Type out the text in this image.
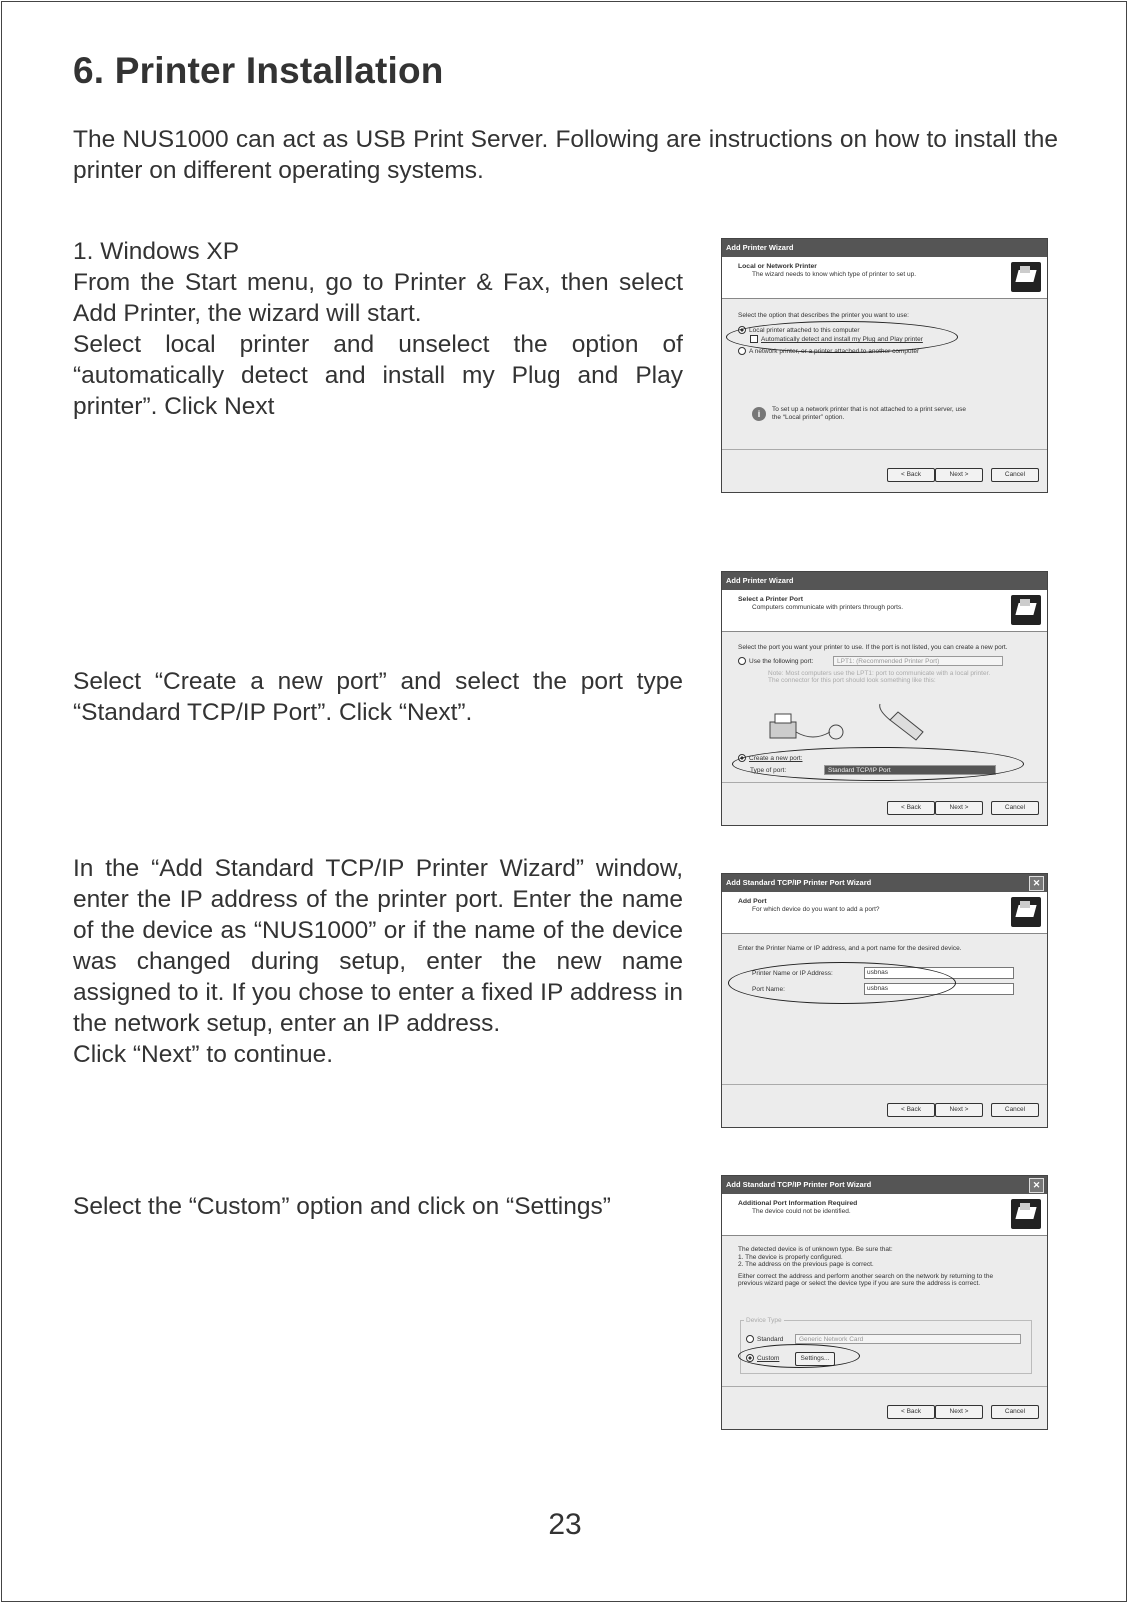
6. Printer Installation

The NUS1000 can act as USB Print Server. Following are instructions on how to install the printer on different operating systems.

1. Windows XP

From the Start menu, go to Printer & Fax, then select Add Printer, the wizard will start.

Select local printer and unselect the option of “automatically detect and install my Plug and Play printer”. Click Next

Select “Create a new port” and select the port type “Standard TCP/IP Port”. Click “Next”.

In the “Add Standard TCP/IP Printer Wizard” window, enter the IP address of the printer port. Enter the name of the device as “NUS1000” or if the name of the device was changed during setup, enter the new name assigned to it. If you chose to enter a fixed IP address in the network setup, enter an IP address.

Click “Next” to continue.

Select the “Custom” option and click on “Settings”

Add Printer Wizard
Local or Network Printer
The wizard needs to know which type of printer to set up.

Select the option that describes the printer you want to use:

Local printer attached to this computer

Automatically detect and install my Plug and Play printer

A network printer, or a printer attached to another computer

i To set up a network printer that is not attached to a print server, use the “Local printer” option.
< Back	Next >	Cancel
Add Printer Wizard
Select a Printer Port
Computers communicate with printers through ports.

Select the port you want your printer to use. If the port is not listed, you can create a new port.

Use the following port:	LPT1: (Recommended Printer Port)

Note: Most computers use the LPT1: port to communicate with a local printer. The connector for this port should look something like this:

Create a new port:

Type of port:	Standard TCP/IP Port

< Back	Next >	Cancel
Add Standard TCP/IP Printer Port Wizard	✕
Add Port
For which device do you want to add a port?

Enter the Printer Name or IP address, and a port name for the desired device.

Printer Name or IP Address:	usbnas

Port Name:	usbnas

< Back	Next >	Cancel
Add Standard TCP/IP Printer Port Wizard	✕
Additional Port Information Required
The device could not be identified.

The detected device is of unknown type. Be sure that:

1. The device is properly configured.

2. The address on the previous page is correct.

Either correct the address and perform another search on the network by returning to the previous wizard page or select the device type if you are sure the address is correct.

Device Type

Standard Generic Network Card

Custom	Settings...

< Back	Next >	Cancel

23
